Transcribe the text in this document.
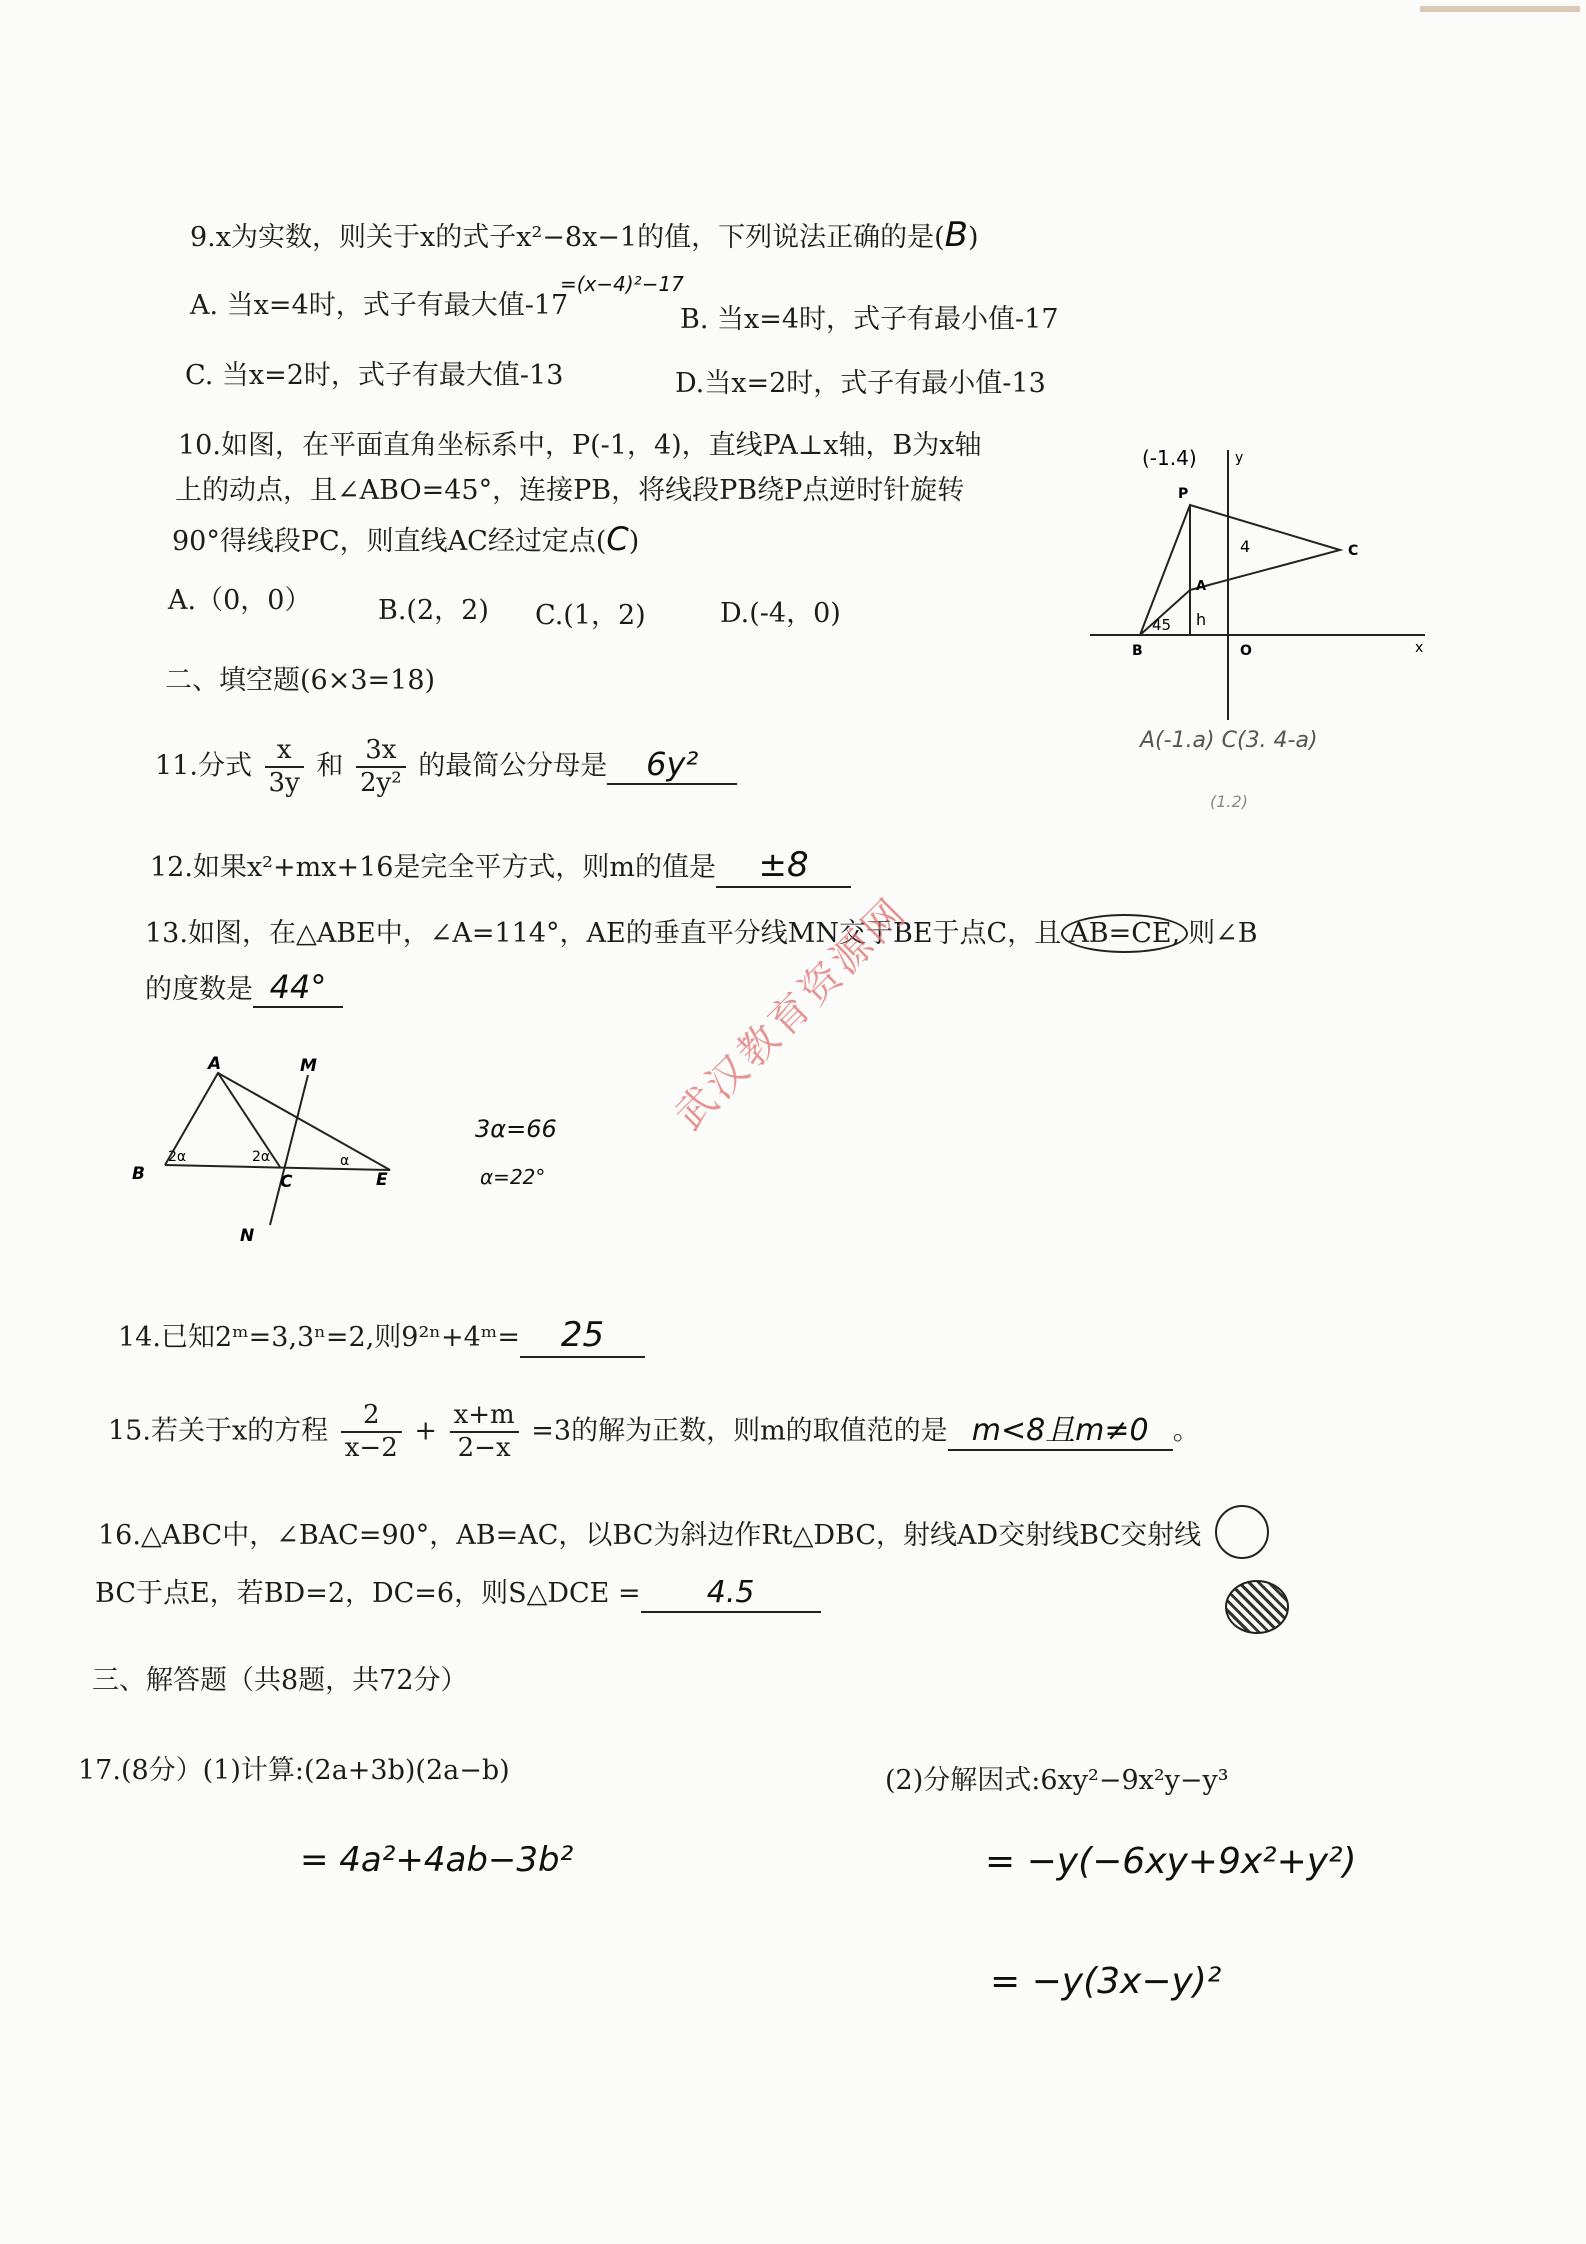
9.x为实数，则关于x的式子x²−8x−1的值，下列说法正确的是(B)
=(x−4)²−17
A. 当x=4时，式子有最大值-17	B. 当x=4时，式子有最小值-17
C. 当x=2时，式子有最大值-13	D.当x=2时，式子有最小值-13
10.如图，在平面直角坐标系中，P(-1，4)，直线PA⊥x轴，B为x轴
上的动点，且∠ABO=45°，连接PB，将线段PB绕P点逆时针旋转
90°得线段PC，则直线AC经过定点(C)
A.（0，0） B.(2，2) C.(1，2)	D.(-4，0)
(-1.4)	y
x
P
C
A
B	O
45 h
4
A(-1.a) C(3. 4-a)
(1.2)
二、填空题(6×3=18)
11.分式 $\frac{x}{3y}$ 和 $\frac{3x}{\text{2y²}}$ 的最简公分母是 6y²
12.如果x²+mx+16是完全平方式，则m的值是 ±8
13.如图，在△ABE中，∠A=114°，AE的垂直平分线MN交于BE于点C，且 AB=CE, 则∠B
的度数是 44°
A	M
B	C	E
N
2α	2α	α
3α=66
α=22°
武汉教育资源网
14.已知2ᵐ=3,3ⁿ=2,则9²ⁿ+4ᵐ= 25
15.若关于x的方程 $\frac{2}{x-2} + \frac{x+m}{2-x} =3$的解为正数，则m的取值范的是 m<8且m≠0 。
16.△ABC中，∠BAC=90°，AB=AC，以BC为斜边作Rt△DBC，射线AD交射线BC交射线
BC于点E，若BD=2，DC=6，则S△DCE = 4.5
三、解答题（共8题，共72分）
17.(8分）(1)计算:(2a+3b)(2a−b)
= 4a²+4ab−3b²
(2)分解因式:6xy²−9x²y−y³
= −y(−6xy+9x²+y²)
= −y(3x−y)²
